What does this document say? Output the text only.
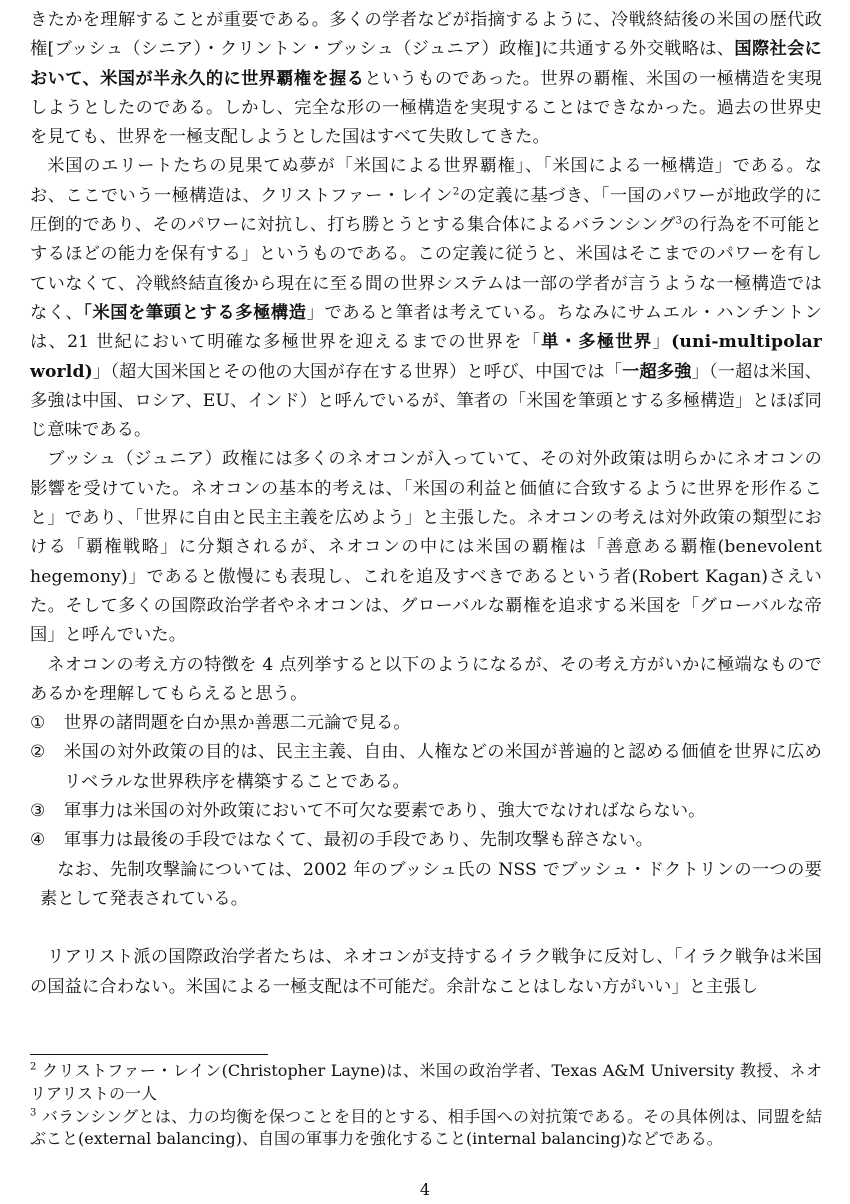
きたかを理解することが重要である。多くの学者などが指摘するように、冷戦終結後の米国の歴代政権[ブッシュ（シニア）・クリントン・ブッシュ（ジュニア）政権]に共通する外交戦略は、国際社会において、米国が半永久的に世界覇権を握るというものであった。世界の覇権、米国の一極構造を実現しようとしたのである。しかし、完全な形の一極構造を実現することはできなかった。過去の世界史を見ても、世界を一極支配しようとした国はすべて失敗してきた。

米国のエリートたちの見果てぬ夢が「米国による世界覇権」、「米国による一極構造」である。なお、ここでいう一極構造は、クリストファー・レイン$^2$の定義に基づき、「一国のパワーが地政学的に圧倒的であり、そのパワーに対抗し、打ち勝とうとする集合体によるバランシング$^3$の行為を不可能とするほどの能力を保有する」というものである。この定義に従うと、米国はそこまでのパワーを有していなくて、冷戦終結直後から現在に至る間の世界システムは一部の学者が言うような一極構造ではなく、「米国を筆頭とする多極構造」であると筆者は考えている。ちなみにサムエル・ハンチントンは、21 世紀において明確な多極世界を迎えるまでの世界を「単・多極世界」(uni-multipolar world)」（超大国米国とその他の大国が存在する世界）と呼び、中国では「一超多強」（一超は米国、多強は中国、ロシア、EU、インド）と呼んでいるが、筆者の「米国を筆頭とする多極構造」とほぼ同じ意味である。

ブッシュ（ジュニア）政権には多くのネオコンが入っていて、その対外政策は明らかにネオコンの影響を受けていた。ネオコンの基本的考えは、「米国の利益と価値に合致するように世界を形作ること」であり、「世界に自由と民主主義を広めよう」と主張した。ネオコンの考えは対外政策の類型における「覇権戦略」に分類されるが、ネオコンの中には米国の覇権は「善意ある覇権(benevolent hegemony)」であると傲慢にも表現し、これを追及すべきであるという者(Robert Kagan)さえいた。そして多くの国際政治学者やネオコンは、グローバルな覇権を追求する米国を「グローバルな帝国」と呼んでいた。

ネオコンの考え方の特徴を 4 点列挙すると以下のようになるが、その考え方がいかに極端なものであるかを理解してもらえると思う。

① 世界の諸問題を白か黒か善悪二元論で見る。
② 米国の対外政策の目的は、民主主義、自由、人権などの米国が普遍的と認める価値を世界に広めリベラルな世界秩序を構築することである。
③ 軍事力は米国の対外政策において不可欠な要素であり、強大でなければならない。
④ 軍事力は最後の手段ではなくて、最初の手段であり、先制攻撃も辞さない。

なお、先制攻撃論については、2002 年のブッシュ氏の NSS でブッシュ・ドクトリンの一つの要素として発表されている。

リアリスト派の国際政治学者たちは、ネオコンが支持するイラク戦争に反対し、「イラク戦争は米国の国益に合わない。米国による一極支配は不可能だ。余計なことはしない方がいい」と主張し

$^2$ クリストファー・レイン(Christopher Layne)は、米国の政治学者、Texas A&M University 教授、ネオリアリストの一人

$^3$ バランシングとは、力の均衡を保つことを目的とする、相手国への対抗策である。その具体例は、同盟を結ぶこと(external balancing)、自国の軍事力を強化すること(internal balancing)などである。

4
